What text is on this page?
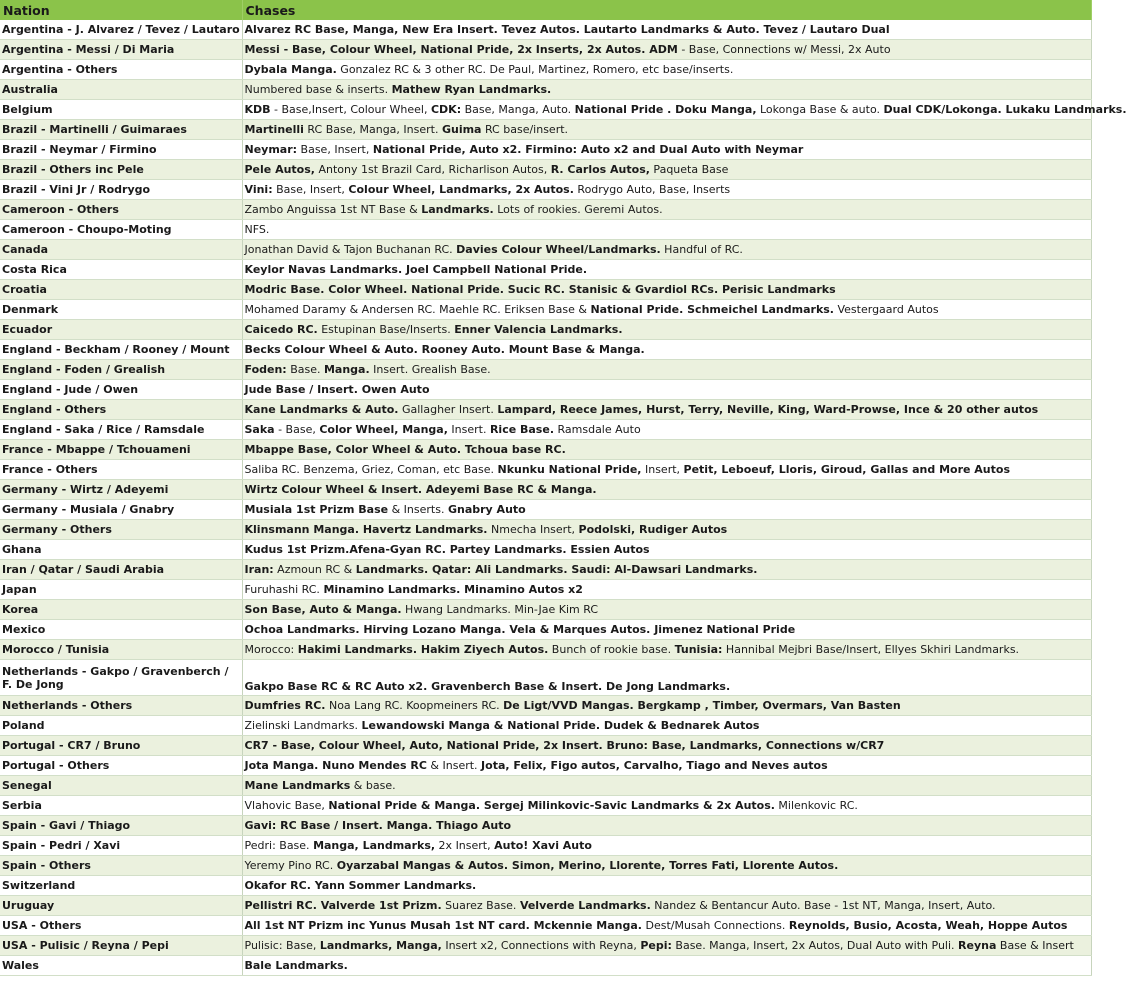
Nation	Chases
Argentina - J. Alvarez / Tevez / Lautaro	Alvarez RC Base, Manga, New Era Insert. Tevez Autos. Lautarto Landmarks & Auto. Tevez / Lautaro Dual
Argentina - Messi / Di Maria	Messi - Base, Colour Wheel, National Pride, 2x Inserts, 2x Autos. ADM - Base, Connections w/ Messi, 2x Auto
Argentina - Others	Dybala Manga. Gonzalez RC & 3 other RC. De Paul, Martinez, Romero, etc base/inserts.
Australia	Numbered base & inserts. Mathew Ryan Landmarks.
Belgium	KDB - Base,Insert, Colour Wheel, CDK: Base, Manga, Auto. National Pride . Doku Manga, Lokonga Base & auto. Dual CDK/Lokonga. Lukaku Landmarks.
Brazil - Martinelli / Guimaraes	Martinelli RC Base, Manga, Insert. Guima RC base/insert.
Brazil - Neymar / Firmino	Neymar: Base, Insert, National Pride, Auto x2. Firmino: Auto x2 and Dual Auto with Neymar
Brazil - Others inc Pele	Pele Autos, Antony 1st Brazil Card, Richarlison Autos, R. Carlos Autos, Paqueta Base
Brazil - Vini Jr / Rodrygo	Vini: Base, Insert, Colour Wheel, Landmarks, 2x Autos. Rodrygo Auto, Base, Inserts
Cameroon - Others	Zambo Anguissa 1st NT Base & Landmarks. Lots of rookies. Geremi Autos.
Cameroon - Choupo-Moting	NFS.
Canada	Jonathan David & Tajon Buchanan RC. Davies Colour Wheel/Landmarks. Handful of RC.
Costa Rica	Keylor Navas Landmarks. Joel Campbell National Pride.
Croatia	Modric Base. Color Wheel. National Pride. Sucic RC. Stanisic & Gvardiol RCs. Perisic Landmarks
Denmark	Mohamed Daramy & Andersen RC. Maehle RC. Eriksen Base & National Pride. Schmeichel Landmarks. Vestergaard Autos
Ecuador	Caicedo RC. Estupinan Base/Inserts. Enner Valencia Landmarks.
England - Beckham / Rooney / Mount	Becks Colour Wheel & Auto. Rooney Auto. Mount Base & Manga.
England - Foden / Grealish	Foden: Base. Manga. Insert. Grealish Base.
England - Jude / Owen	Jude Base / Insert. Owen Auto
England - Others	Kane Landmarks & Auto. Gallagher Insert. Lampard, Reece James, Hurst, Terry, Neville, King, Ward-Prowse, Ince & 20 other autos
England - Saka / Rice / Ramsdale	Saka - Base, Color Wheel, Manga, Insert. Rice Base. Ramsdale Auto
France - Mbappe / Tchouameni	Mbappe Base, Color Wheel & Auto. Tchoua base RC.
France - Others	Saliba RC. Benzema, Griez, Coman, etc Base. Nkunku National Pride, Insert, Petit, Leboeuf, Lloris, Giroud, Gallas and More Autos
Germany - Wirtz / Adeyemi	Wirtz Colour Wheel & Insert. Adeyemi Base RC & Manga.
Germany - Musiala / Gnabry	Musiala 1st Prizm Base & Inserts. Gnabry Auto
Germany - Others	Klinsmann Manga. Havertz Landmarks. Nmecha Insert, Podolski, Rudiger Autos
Ghana	Kudus 1st Prizm.Afena-Gyan RC. Partey Landmarks. Essien Autos
Iran / Qatar / Saudi Arabia	Iran: Azmoun RC & Landmarks. Qatar: Ali Landmarks. Saudi: Al-Dawsari Landmarks.
Japan	Furuhashi RC. Minamino Landmarks. Minamino Autos x2
Korea	Son Base, Auto & Manga. Hwang Landmarks. Min-Jae Kim RC
Mexico	Ochoa Landmarks. Hirving Lozano Manga. Vela & Marques Autos. Jimenez National Pride
Morocco / Tunisia	Morocco: Hakimi Landmarks. Hakim Ziyech Autos. Bunch of rookie base. Tunisia: Hannibal Mejbri Base/Insert, Ellyes Skhiri Landmarks.
Netherlands - Gakpo / Gravenberch / F. De Jong	Gakpo Base RC & RC Auto x2. Gravenberch Base & Insert. De Jong Landmarks.
Netherlands - Others	Dumfries RC. Noa Lang RC. Koopmeiners RC. De Ligt/VVD Mangas. Bergkamp , Timber, Overmars, Van Basten
Poland	Zielinski Landmarks. Lewandowski Manga & National Pride. Dudek & Bednarek Autos
Portugal - CR7 / Bruno	CR7 - Base, Colour Wheel, Auto, National Pride, 2x Insert. Bruno: Base, Landmarks, Connections w/CR7
Portugal - Others	Jota Manga. Nuno Mendes RC & Insert. Jota, Felix, Figo autos, Carvalho, Tiago and Neves autos
Senegal	Mane Landmarks & base.
Serbia	Vlahovic Base, National Pride & Manga. Sergej Milinkovic-Savic Landmarks & 2x Autos. Milenkovic RC.
Spain - Gavi / Thiago	Gavi: RC Base / Insert. Manga. Thiago Auto
Spain - Pedri / Xavi	Pedri: Base. Manga, Landmarks, 2x Insert, Auto! Xavi Auto
Spain - Others	Yeremy Pino RC. Oyarzabal Mangas & Autos. Simon, Merino, Llorente, Torres Fati, Llorente Autos.
Switzerland	Okafor RC. Yann Sommer Landmarks.
Uruguay	Pellistri RC. Valverde 1st Prizm. Suarez Base. Velverde Landmarks. Nandez & Bentancur Auto. Base - 1st NT, Manga, Insert, Auto.
USA - Others	All 1st NT Prizm inc Yunus Musah 1st NT card. Mckennie Manga. Dest/Musah Connections. Reynolds, Busio, Acosta, Weah, Hoppe Autos
USA - Pulisic / Reyna / Pepi	Pulisic: Base, Landmarks, Manga, Insert x2, Connections with Reyna, Pepi: Base. Manga, Insert, 2x Autos, Dual Auto with Puli. Reyna Base & Insert
Wales	Bale Landmarks.
